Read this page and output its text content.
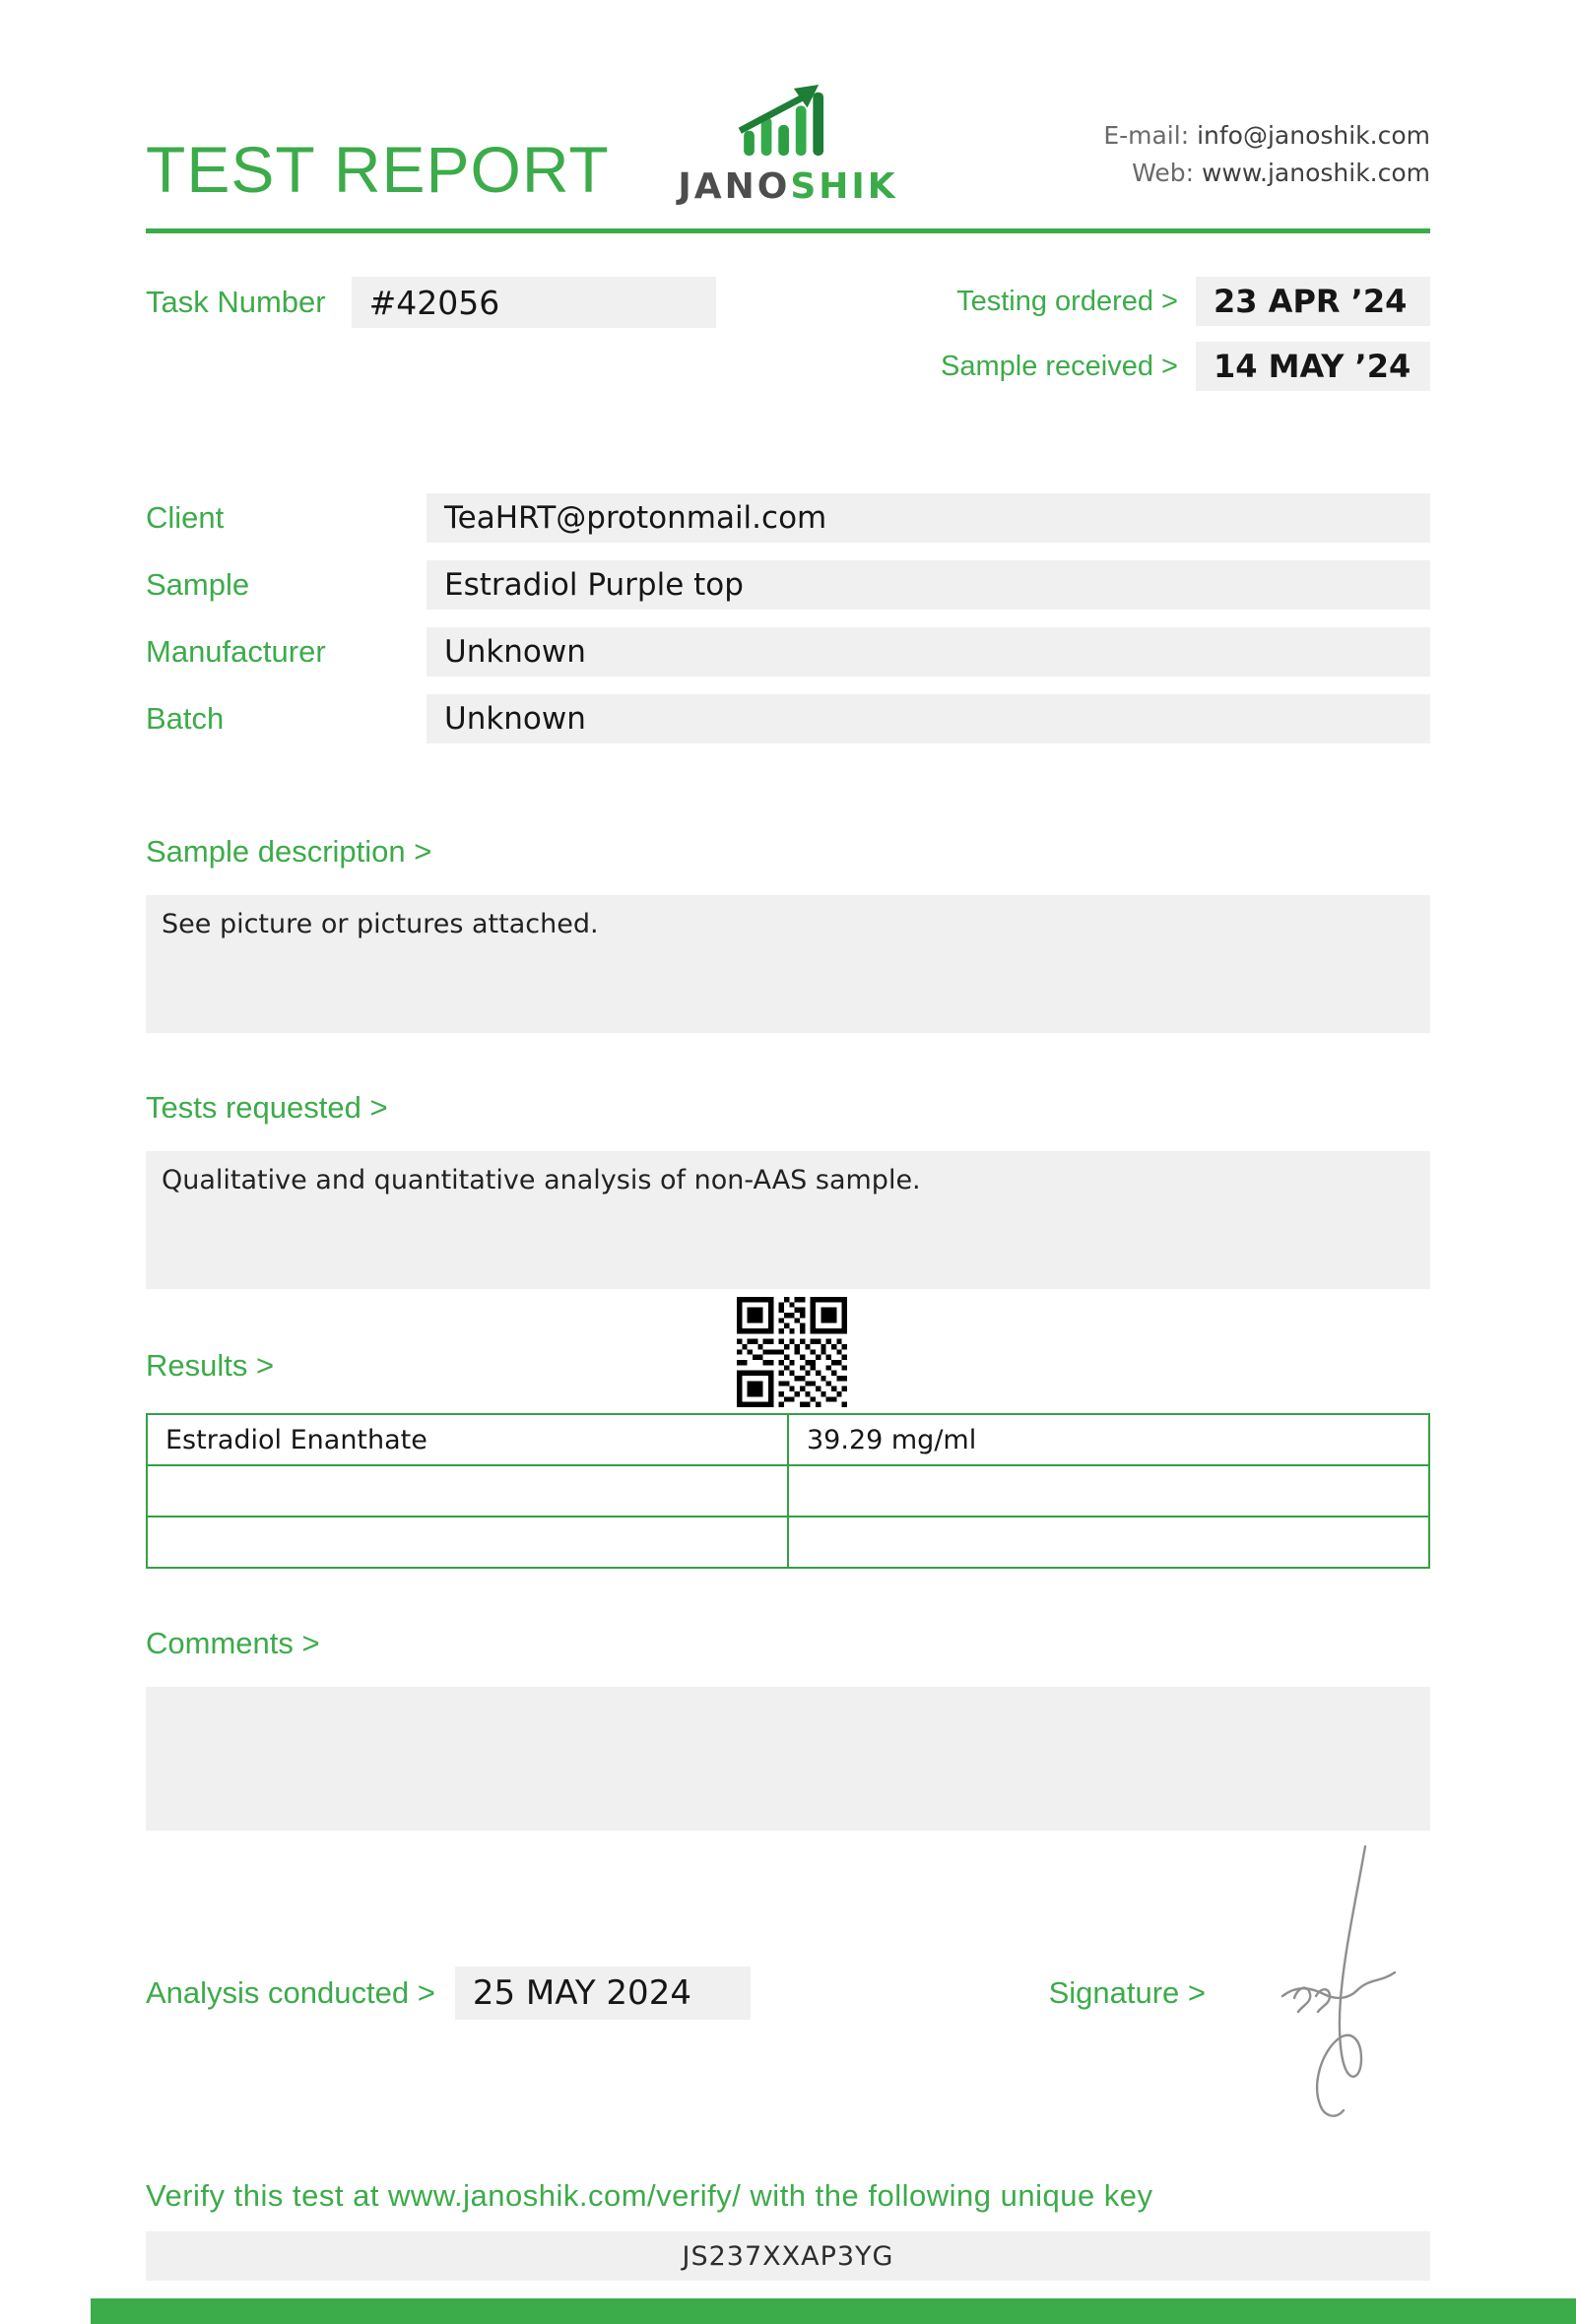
TEST REPORT	JANOSHIK
E-mail: info@janoshik.com
Web: www.janoshik.com
Task Number	#42056	Testing ordered >	23 APR ’24
Sample received >	14 MAY ’24
Client	TeaHRT@protonmail.com
Sample	Estradiol Purple top
Manufacturer	Unknown
Batch	Unknown
Sample description >
See picture or pictures attached.
Tests requested >
Qualitative and quantitative analysis of non-AAS sample.
Results >
Estradiol Enanthate	39.29 mg/ml

Comments >
Analysis conducted >	25 MAY 2024	Signature >
Verify this test at www.janoshik.com/verify/ with the following unique key
JS237XXAP3YG
